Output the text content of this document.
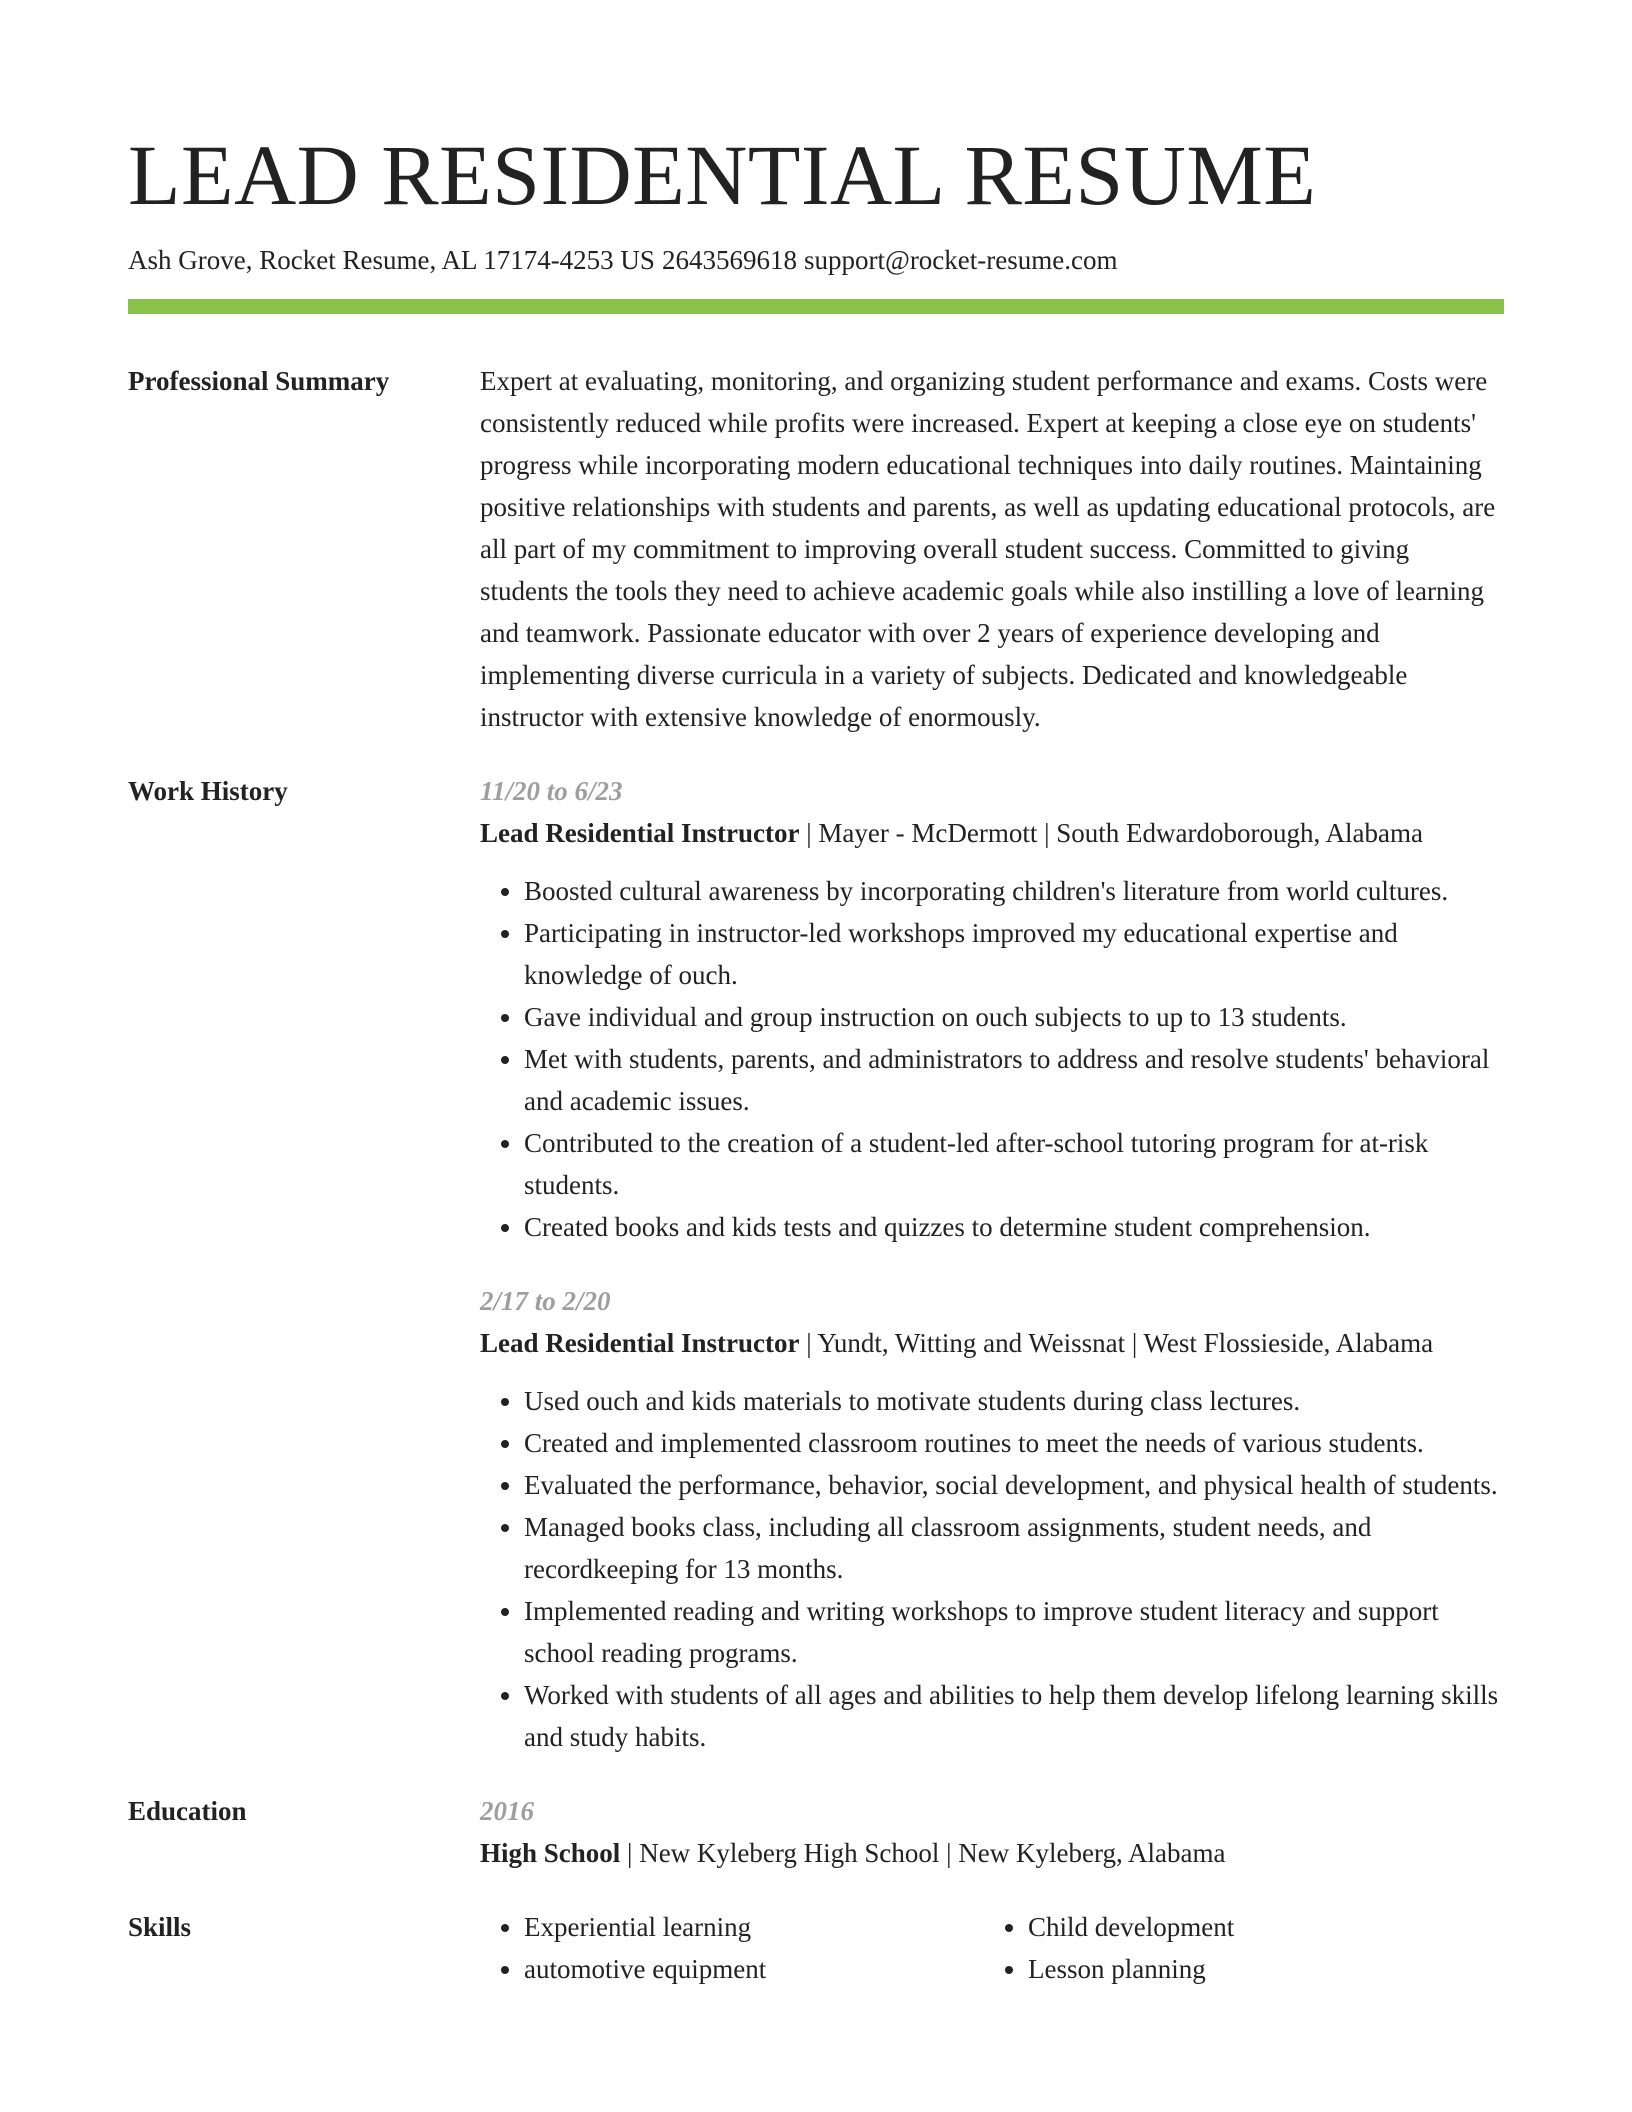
LEAD RESIDENTIAL RESUME
Ash Grove, Rocket Resume, AL 17174-4253 US 2643569618 support@rocket-resume.com
Professional Summary	Expert at evaluating, monitoring, and organizing student performance and exams. Costs were consistently reduced while profits were increased. Expert at keeping a close eye on students' progress while incorporating modern educational techniques into daily routines. Maintaining positive relationships with students and parents, as well as updating educational protocols, are all part of my commitment to improving overall student success. Committed to giving students the tools they need to achieve academic goals while also instilling a love of learning and teamwork. Passionate educator with over 2 years of experience developing and implementing diverse curricula in a variety of subjects. Dedicated and knowledgeable instructor with extensive knowledge of enormously.
Work History	11/20 to 6/23
Lead Residential Instructor | Mayer - McDermott | South Edwardoborough, Alabama
• Boosted cultural awareness by incorporating children's literature from world cultures.
• Participating in instructor-led workshops improved my educational expertise and knowledge of ouch.
• Gave individual and group instruction on ouch subjects to up to 13 students.
• Met with students, parents, and administrators to address and resolve students' behavioral and academic issues.
• Contributed to the creation of a student-led after-school tutoring program for at-risk students.
• Created books and kids tests and quizzes to determine student comprehension.
2/17 to 2/20
Lead Residential Instructor | Yundt, Witting and Weissnat | West Flossieside, Alabama
• Used ouch and kids materials to motivate students during class lectures.
• Created and implemented classroom routines to meet the needs of various students.
• Evaluated the performance, behavior, social development, and physical health of students.
• Managed books class, including all classroom assignments, student needs, and recordkeeping for 13 months.
• Implemented reading and writing workshops to improve student literacy and support school reading programs.
• Worked with students of all ages and abilities to help them develop lifelong learning skills and study habits.
Education	2016
High School | New Kyleberg High School | New Kyleberg, Alabama
Skills
•	Experiential learning
• automotive equipment
• Child development
• Lesson planning
